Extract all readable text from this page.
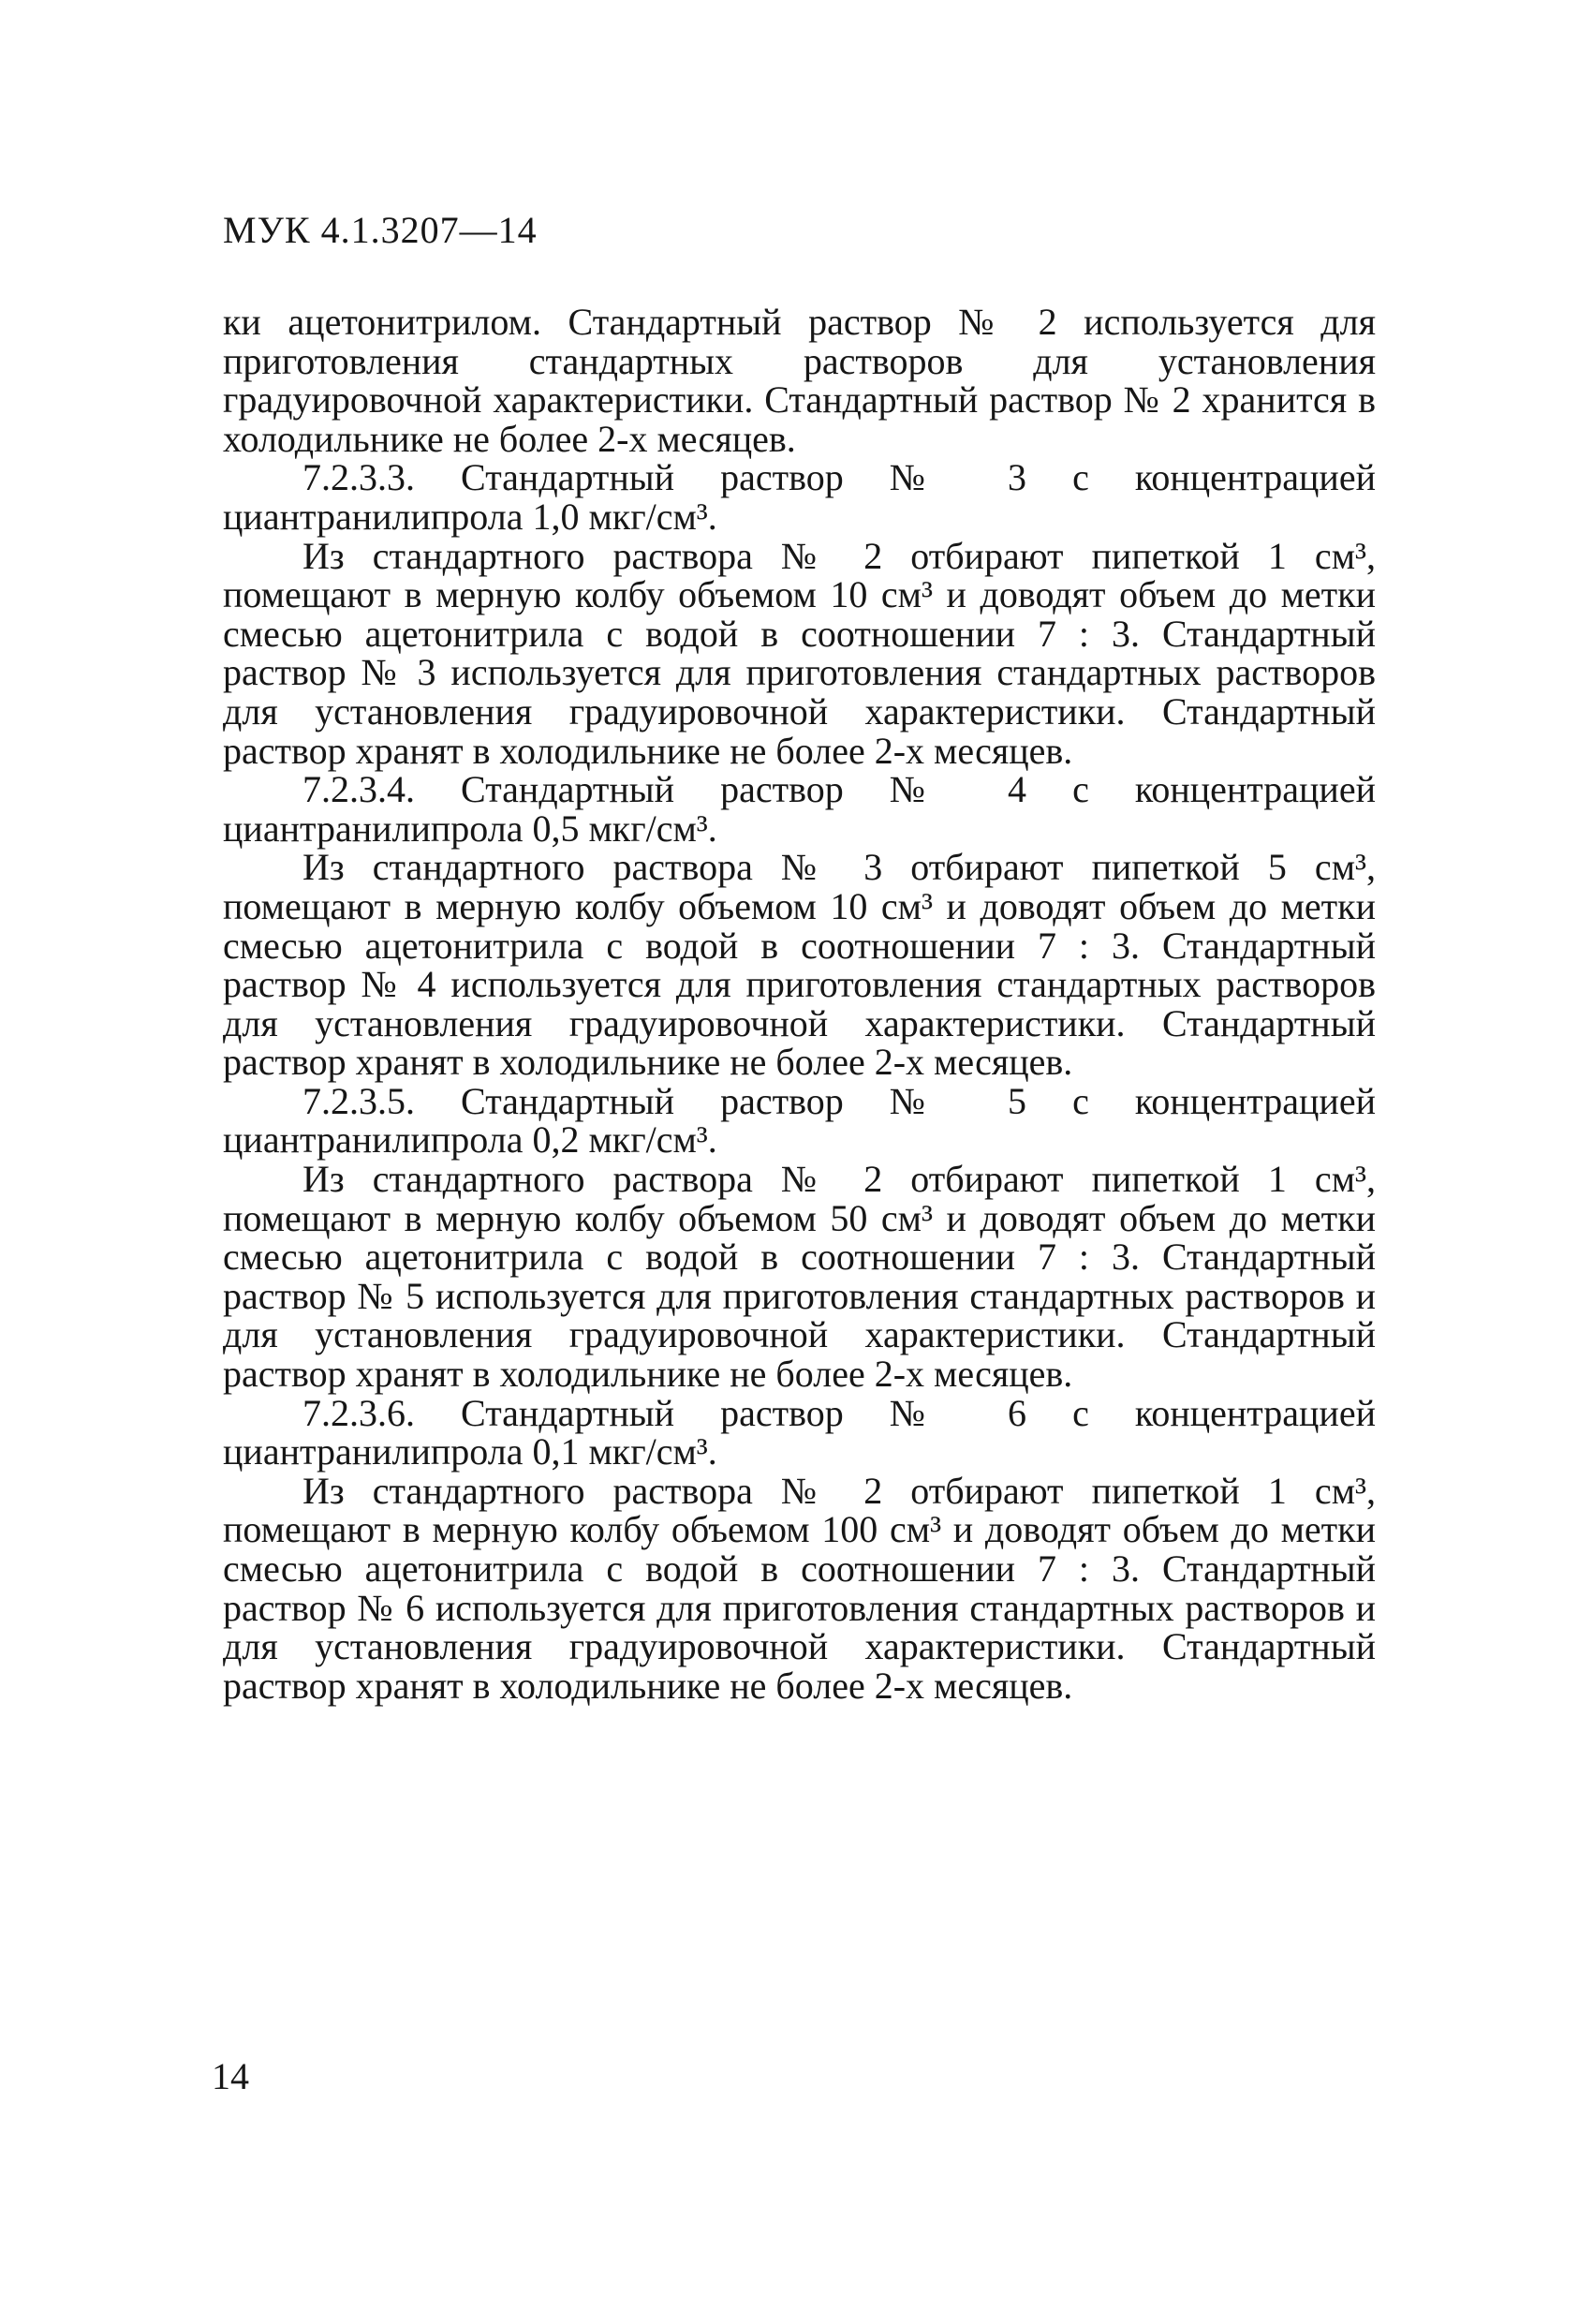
МУК 4.1.3207—14

ки ацетонитрилом. Стандартный раствор № 2 используется для приготовления стандартных растворов для установления градуировочной характеристики. Стандартный раствор № 2 хранится в холодильнике не более 2-х месяцев.

7.2.3.3. Стандартный раствор № 3 с концентрацией циантранилипрола 1,0 мкг/см³.

Из стандартного раствора № 2 отбирают пипеткой 1 см³, помещают в мерную колбу объемом 10 см³ и доводят объем до метки смесью ацетонитрила с водой в соотношении 7 : 3. Стандартный раствор № 3 используется для приготовления стандартных растворов для установления градуировочной характеристики. Стандартный раствор хранят в холодильнике не более 2-х месяцев.

7.2.3.4. Стандартный раствор № 4 с концентрацией циантранилипрола 0,5 мкг/см³.

Из стандартного раствора № 3 отбирают пипеткой 5 см³, помещают в мерную колбу объемом 10 см³ и доводят объем до метки смесью ацетонитрила с водой в соотношении 7 : 3. Стандартный раствор № 4 используется для приготовления стандартных растворов для установления градуировочной характеристики. Стандартный раствор хранят в холодильнике не более 2-х месяцев.

7.2.3.5. Стандартный раствор № 5 с концентрацией циантранилипрола 0,2 мкг/см³.

Из стандартного раствора № 2 отбирают пипеткой 1 см³, помещают в мерную колбу объемом 50 см³ и доводят объем до метки смесью ацетонитрила с водой в соотношении 7 : 3. Стандартный раствор № 5 используется для приготовления стандартных растворов и для установления градуировочной характеристики. Стандартный раствор хранят в холодильнике не более 2-х месяцев.

7.2.3.6. Стандартный раствор № 6 с концентрацией циантранилипрола 0,1 мкг/см³.

Из стандартного раствора № 2 отбирают пипеткой 1 см³, помещают в мерную колбу объемом 100 см³ и доводят объем до метки смесью ацетонитрила с водой в соотношении 7 : 3. Стандартный раствор № 6 используется для приготовления стандартных растворов и для установления градуировочной характеристики. Стандартный раствор хранят в холодильнике не более 2-х месяцев.

14
